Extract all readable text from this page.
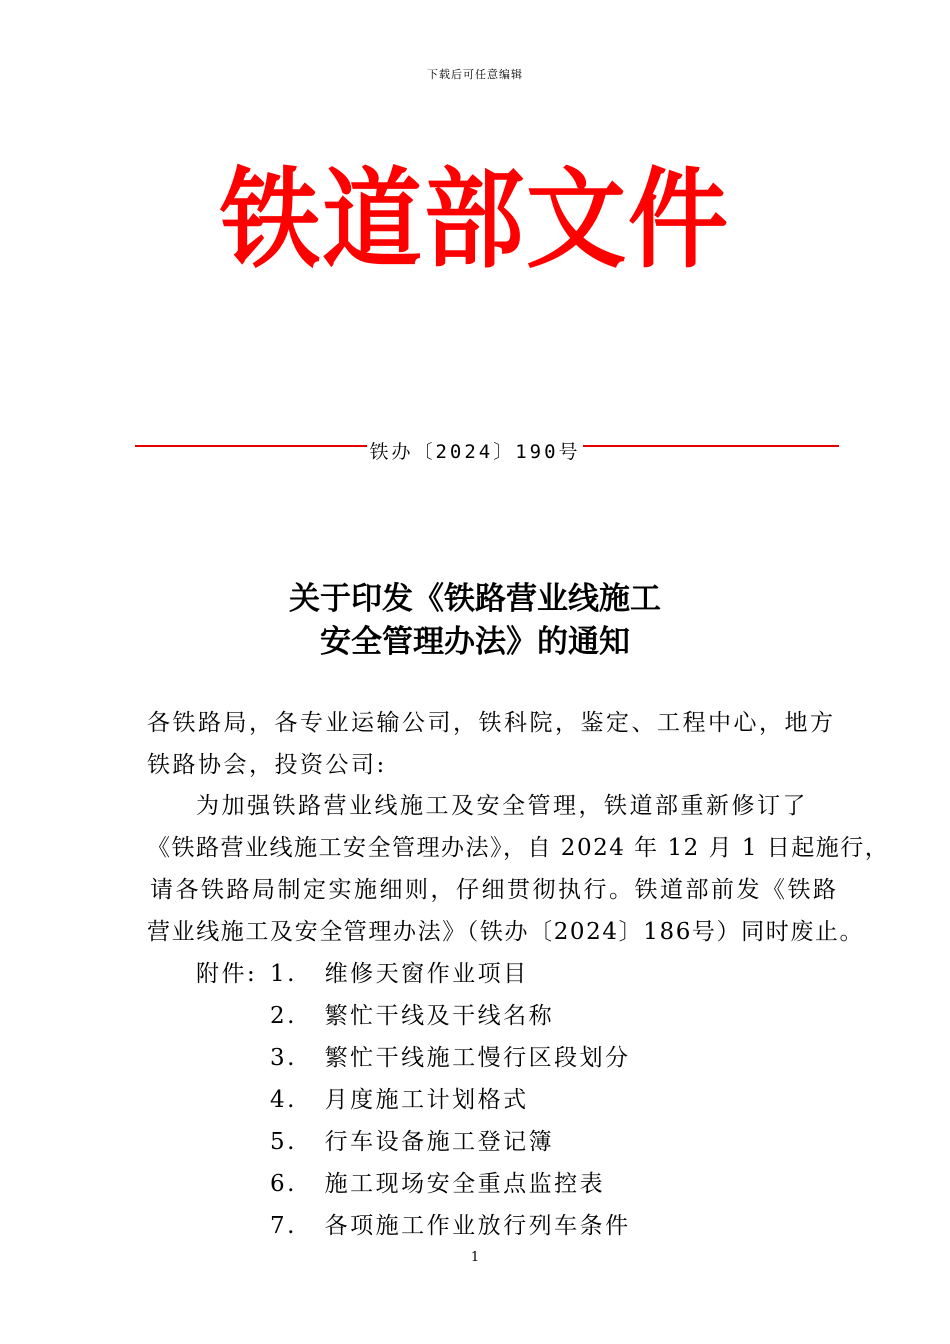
下载后可任意编辑
铁道部文件
铁办〔2024〕190号
关于印发《铁路营业线施工
安全管理办法》的通知
各铁路局，各专业运输公司，铁科院，鉴定、工程中心，地方
铁路协会，投资公司:
为加强铁路营业线施工及安全管理，铁道部重新修订了
《铁路营业线施工安全管理办法》，自 2024 年 12 月 1 日起施行，
请各铁路局制定实施细则，仔细贯彻执行。铁道部前发《铁路
营业线施工及安全管理办法》（铁办〔2024〕186号）同时废止。
附件: 1. 维修天窗作业项目
2. 繁忙干线及干线名称
3. 繁忙干线施工慢行区段划分
4. 月度施工计划格式
5. 行车设备施工登记簿
6. 施工现场安全重点监控表
7. 各项施工作业放行列车条件
1
